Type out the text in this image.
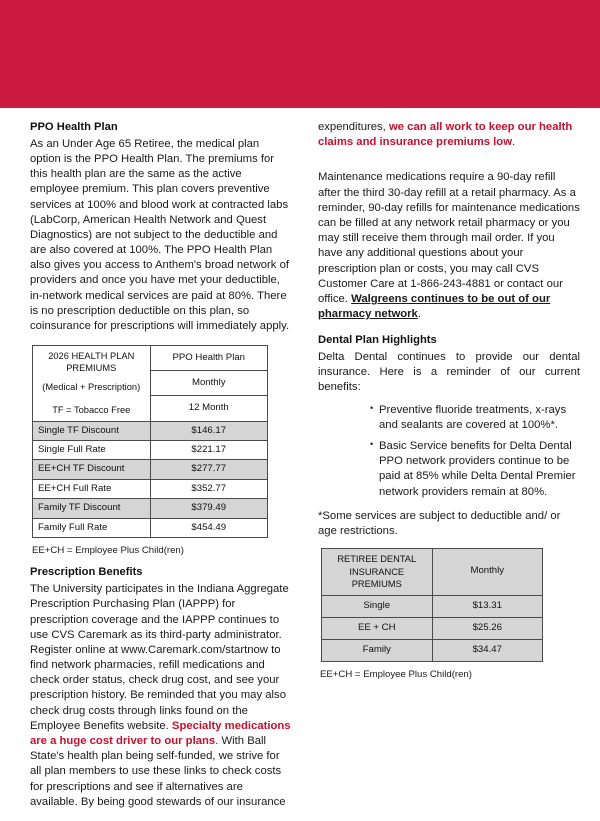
PPO Health Plan

As an Under Age 65 Retiree, the medical plan option is the PPO Health Plan. The premiums for this health plan are the same as the active employee premium. This plan covers preventive services at 100% and blood work at contracted labs (LabCorp, American Health Network and Quest Diagnostics) are not subject to the deductible and are also covered at 100%. The PPO Health Plan also gives you access to Anthem's broad network of providers and once you have met your deductible, in-network medical services are paid at 80%. There is no prescription deductible on this plan, so coinsurance for prescriptions will immediately apply.

2026 HEALTH PLAN PREMIUMS
(Medical + Prescription)
TF = Tobacco Free	PPO Health Plan
	Monthly
	12 Month
Single TF Discount	$146.17
Single Full Rate	$221.17
EE+CH TF Discount	$277.77
EE+CH Full Rate	$352.77
Family TF Discount	$379.49
Family Full Rate	$454.49
EE+CH = Employee Plus Child(ren)
Prescription Benefits

The University participates in the Indiana Aggregate Prescription Purchasing Plan (IAPPP) for prescription coverage and the IAPPP continues to use CVS Caremark as its third-party administrator. Register online at www.Caremark.com/startnow to find network pharmacies, refill medications and check order status, check drug cost, and see your prescription history. Be reminded that you may also check drug costs through links found on the Employee Benefits website. Specialty medications are a huge cost driver to our plans. With Ball State's health plan being self-funded, we strive for all plan members to use these links to check costs for prescriptions and see if alternatives are available. By being good stewards of our insurance

expenditures, we can all work to keep our health claims and insurance premiums low.

Maintenance medications require a 90-day refill after the third 30-day refill at a retail pharmacy. As a reminder, 90-day refills for maintenance medications can be filled at any network retail pharmacy or you may still receive them through mail order. If you have any additional questions about your prescription plan or costs, you may call CVS Customer Care at 1-866-243-4881 or contact our office. Walgreens continues to be out of our pharmacy network.

Dental Plan Highlights

Delta Dental continues to provide our dental insurance. Here is a reminder of our current benefits:

• Preventive fluoride treatments, x-rays and sealants are covered at 100%*.
• Basic Service benefits for Delta Dental PPO network providers continue to be paid at 85% while Delta Dental Premier network providers remain at 80%.

*Some services are subject to deductible and/ or age restrictions.

RETIREE DENTAL
INSURANCE PREMIUMS	Monthly
Single	$13.31
EE + CH	$25.26
Family	$34.47
EE+CH = Employee Plus Child(ren)
